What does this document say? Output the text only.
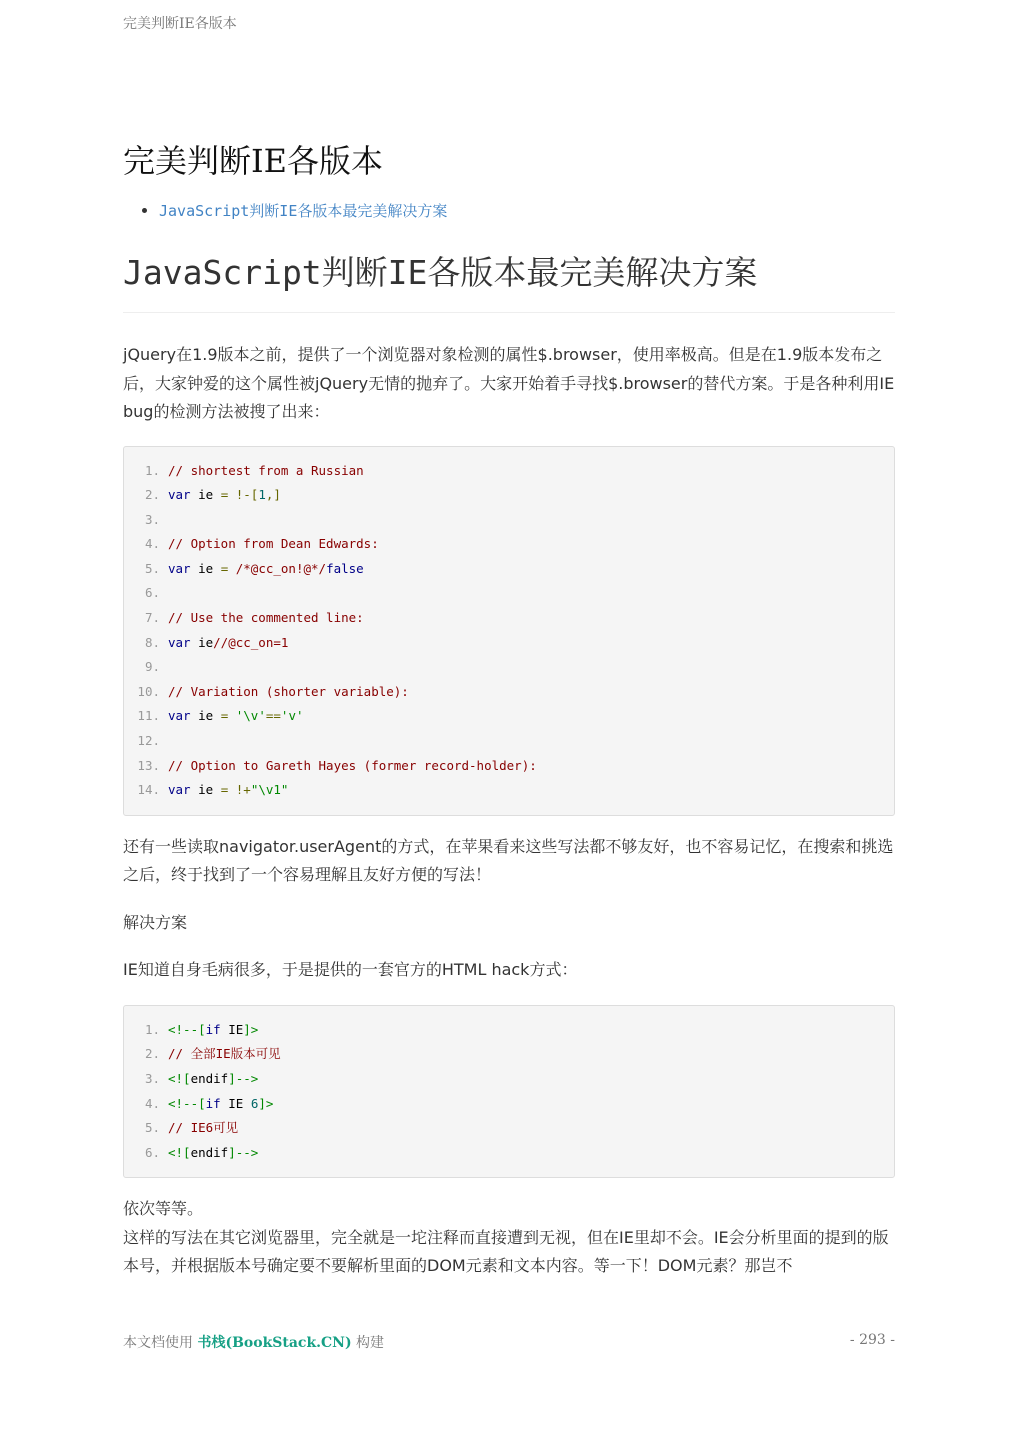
完美判断IE各版本
完美判断IE各版本
• JavaScript判断IE各版本最完美解决方案
JavaScript判断IE各版本最完美解决方案

jQuery在1.9版本之前，提供了一个浏览器对象检测的属性$.browser，使用率极高。但是在1.9版本发布之后，大家钟爱的这个属性被jQuery无情的抛弃了。大家开始着手寻找$.browser的替代方案。于是各种利用IE bug的检测方法被搜了出来：

1. // shortest from a Russian
2. var ie = !-[1,]
3.
4. // Option from Dean Edwards:
5. var ie = /*@cc_on!@*/false
6.
7. // Use the commented line:
8. var ie//@cc_on=1
9.
10. // Variation (shorter variable):
11. var ie = '\v'=='v'
12.
13. // Option to Gareth Hayes (former record-holder):
14. var ie = !+"\v1"

还有一些读取navigator.userAgent的方式，在苹果看来这些写法都不够友好，也不容易记忆，在搜索和挑选之后，终于找到了一个容易理解且友好方便的写法！

解决方案

IE知道自身毛病很多，于是提供的一套官方的HTML hack方式：

1. <!--[if IE]>
2. // 全部IE版本可见
3. <![endif]-->
4. <!--[if IE 6]>
5. // IE6可见
6. <![endif]-->

依次等等。

这样的写法在其它浏览器里，完全就是一坨注释而直接遭到无视，但在IE里却不会。IE会分析里面的提到的版本号，并根据版本号确定要不要解析里面的DOM元素和文本内容。等一下！DOM元素？那岂不

本文档使用 书栈(BookStack.CN) 构建	- 293 -
